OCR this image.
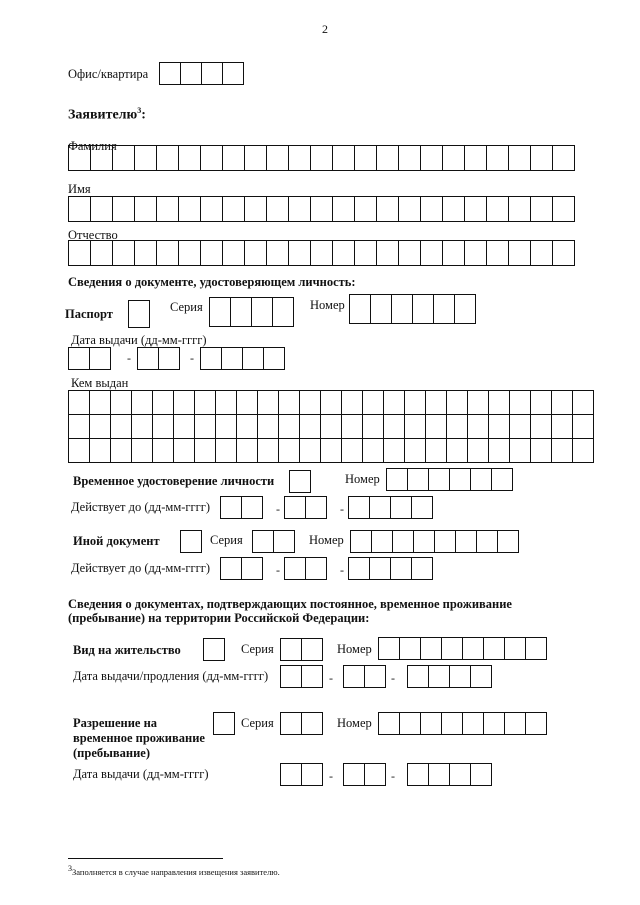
2
Офис/квартира
Заявителю$^3$:
Фамилия
Имя
Отчество
Сведения о документе, удостоверяющем личность:
Паспорт	Серия	Номер
Дата выдачи (дд-мм-гггг)
-	-
Кем выдан
Временное удостоверение личности	Номер
Действует до (дд-мм-гггг)	-	-
Иной документ	Серия	Номер
Действует до (дд-мм-гггг)	-	-
Сведения о документах, подтверждающих постоянное, временное проживание
(пребывание) на территории Российской Федерации:
Вид на жительство	Серия	Номер
Дата выдачи/продления (дд-мм-гггг)	-	-
Разрешение на
временное проживание
(пребывание)
Серия	Номер
Дата выдачи (дд-мм-гггг)	-	-
$^3$Заполняется в случае направления извещения заявителю.
